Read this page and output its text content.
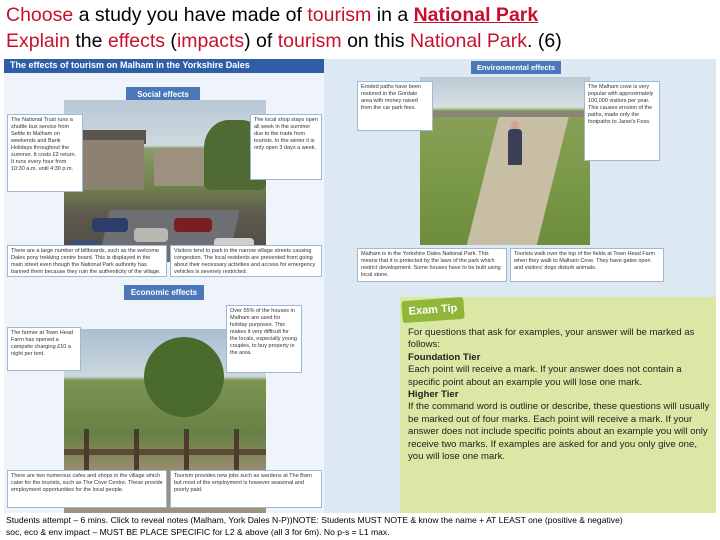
Choose a study you have made of tourism in a National Park
Explain the effects (impacts) of tourism on this National Park. (6)
The effects of tourism on Malham in the Yorkshire Dales
Social effects
Economic effects
The National Trust runs a shuttle bus service from Settle to Malham on weekends and Bank Holidays throughout the summer. It costs £2 return. It runs every hour from 10:30 a.m. until 4:30 p.m.
The local shop stays open all week in the summer due to the trade from tourists. In the winter it is only open 3 days a week.
There are a large number of billboards, such as the welcome Dales pony trekking centre board. This is displayed in the main street even though the National Park authority has banned them because they ruin the authenticity of the village.
Visitors tend to park in the narrow village streets causing congestion. The local residents are prevented from going about their necessary activities and access for emergency vehicles is severely restricted.
The farmer at Town Head Farm has opened a campsite charging £10 a night per tent.
Over 55% of the houses in Malham are used for holiday purposes. This makes it very difficult for the locals, especially young couples, to buy property in the area.
There are two numerous cafes and shops in the village which cater for the tourists, such as The Cove Centre. These provide employment opportunities for the local people.
Tourism provides new jobs such as wardens at The Barn but most of the employment is however seasonal and poorly paid.
Environmental effects
Eroded paths have been restored in the Gordale area with money raised from the car park fees.
The Malham cove is very popular with approximately 100,000 visitors per year. This causes erosion of the paths, made only the footpaths to Janet's Foss.
Malham is in the Yorkshire Dales National Park. This means that it is protected by the laws of the park which restrict development. Some houses have to be built using local stone.
Tourists walk over the top of the fields at Town Head Farm when they walk to Malham Cove. They have gates open and visitors' dogs disturb animals.
Exam Tip
For questions that ask for examples, your answer will be marked as follows:
Foundation Tier
Each point will receive a mark. If your answer does not contain a specific point about an example you will lose one mark.
Higher Tier
If the command word is outline or describe, these questions will usually be marked out of four marks. Each point will receive a mark. If your answer does not include specific points about an example you will only receive two marks. If examples are asked for and you only give one, you will lose one mark.
Students attempt – 6 mins. Click to reveal notes (Malham, York Dales N-P))NOTE: Students MUST NOTE & know the name + AT LEAST one (positive & negative)
soc, eco & env impact – MUST BE PLACE SPECIFIC for L2 & above (all 3 for 6m). No p-s = L1 max.
